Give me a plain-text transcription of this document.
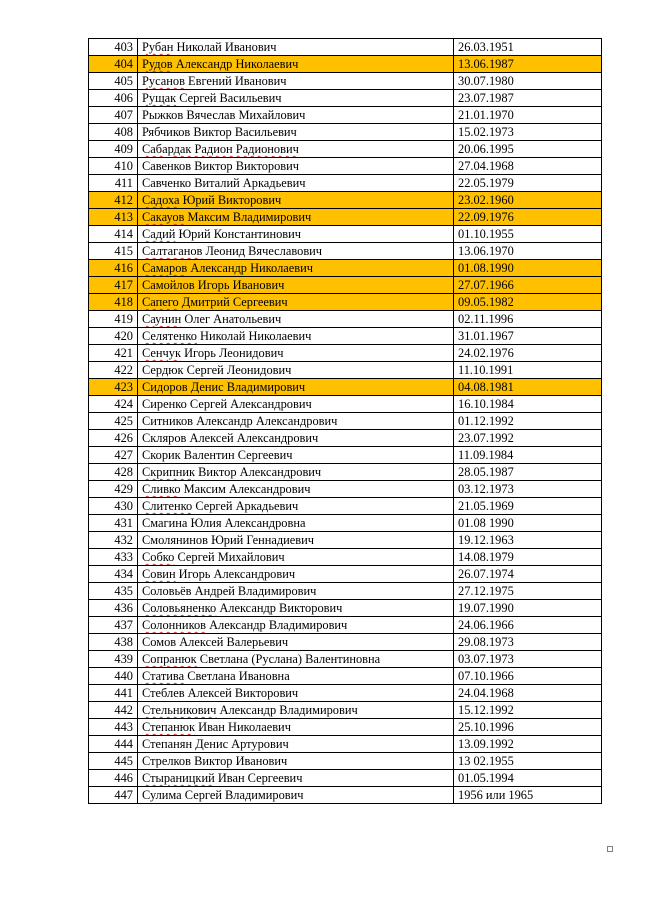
403	Рубан Николай Иванович	26.03.1951
404	Рудов Александр Николаевич	13.06.1987
405	Русанов Евгений Иванович	30.07.1980
406	Рущак Сергей Васильевич	23.07.1987
407	Рыжков Вячеслав Михайлович	21.01.1970
408	Рябчиков Виктор Васильевич	15.02.1973
409	Сабардак Радион Радионович	20.06.1995
410	Савенков Виктор Викторович	27.04.1968
411	Савченко Виталий Аркадьевич	22.05.1979
412	Садоха Юрий Викторович	23.02.1960
413	Сакауов Максим Владимирович	22.09.1976
414	Садий Юрий Константинович	01.10.1955
415	Салтаганов Леонид Вячеславович	13.06.1970
416	Самаров Александр Николаевич	01.08.1990
417	Самойлов Игорь Иванович	27.07.1966
418	Сапего Дмитрий Сергеевич	09.05.1982
419	Саунин Олег Анатольевич	02.11.1996
420	Селятенко Николай Николаевич	31.01.1967
421	Сенчук Игорь Леонидович	24.02.1976
422	Сердюк Сергей Леонидович	11.10.1991
423	Сидоров Денис Владимирович	04.08.1981
424	Сиренко Сергей Александрович	16.10.1984
425	Ситников Александр Александрович	01.12.1992
426	Скляров Алексей Александрович	23.07.1992
427	Скорик Валентин Сергеевич	11.09.1984
428	Скрипник Виктор Александрович	28.05.1987
429	Сливко Максим Александрович	03.12.1973
430	Слитенко Сергей Аркадьевич	21.05.1969
431	Смагина Юлия Александровна	01.08 1990
432	Смолянинов Юрий Геннадиевич	19.12.1963
433	Собко Сергей Михайлович	14.08.1979
434	Совин Игорь Александрович	26.07.1974
435	Соловьёв Андрей Владимирович	27.12.1975
436	Соловьяненко Александр Викторович	19.07.1990
437	Солонников Александр Владимирович	24.06.1966
438	Сомов Алексей Валерьевич	29.08.1973
439	Сопранюк Светлана (Руслана) Валентиновна	03.07.1973
440	Статива Светлана Ивановна	07.10.1966
441	Стеблев Алексей Викторович	24.04.1968
442	Стельникович Александр Владимирович	15.12.1992
443	Степанюк Иван Николаевич	25.10.1996
444	Степанян Денис Артурович	13.09.1992
445	Стрелков Виктор Иванович	13 02.1955
446	Стыраницкий Иван Сергеевич	01.05.1994
447	Сулима Сергей Владимирович	1956 или 1965
